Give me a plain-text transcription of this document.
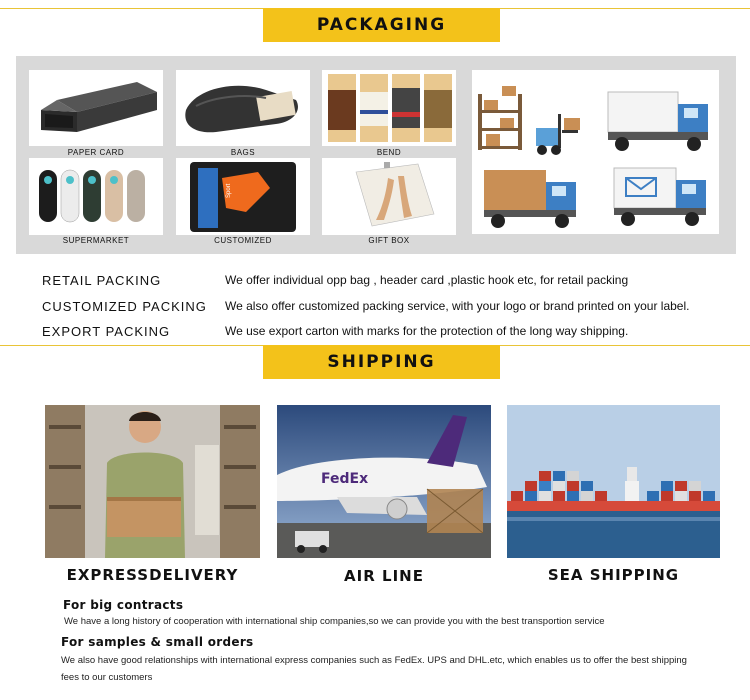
PACKAGING
PAPER CARD	BAGS	BEND
SUPERMARKET
Sport
CUSTOMIZED	GIFT BOX
RETAIL PACKING	We offer individual opp bag , header card ,plastic hook etc, for retail packing
CUSTOMIZED PACKING We also offer customized packing service, with your logo or brand printed on your label.
EXPORT PACKING	We use export carton with marks for the protection of the long way shipping.
SHIPPING
FedEx
EXPRESSDELIVERY	AIR LINE	SEA SHIPPING
For big contracts
We have a long history of cooperation with international ship companies,so we can provide you with the best transportion service
For samples & small orders
We also have good relationships with international express companies such as FedEx. UPS and DHL.etc, which enables us to offer the best shipping
fees to our customers
